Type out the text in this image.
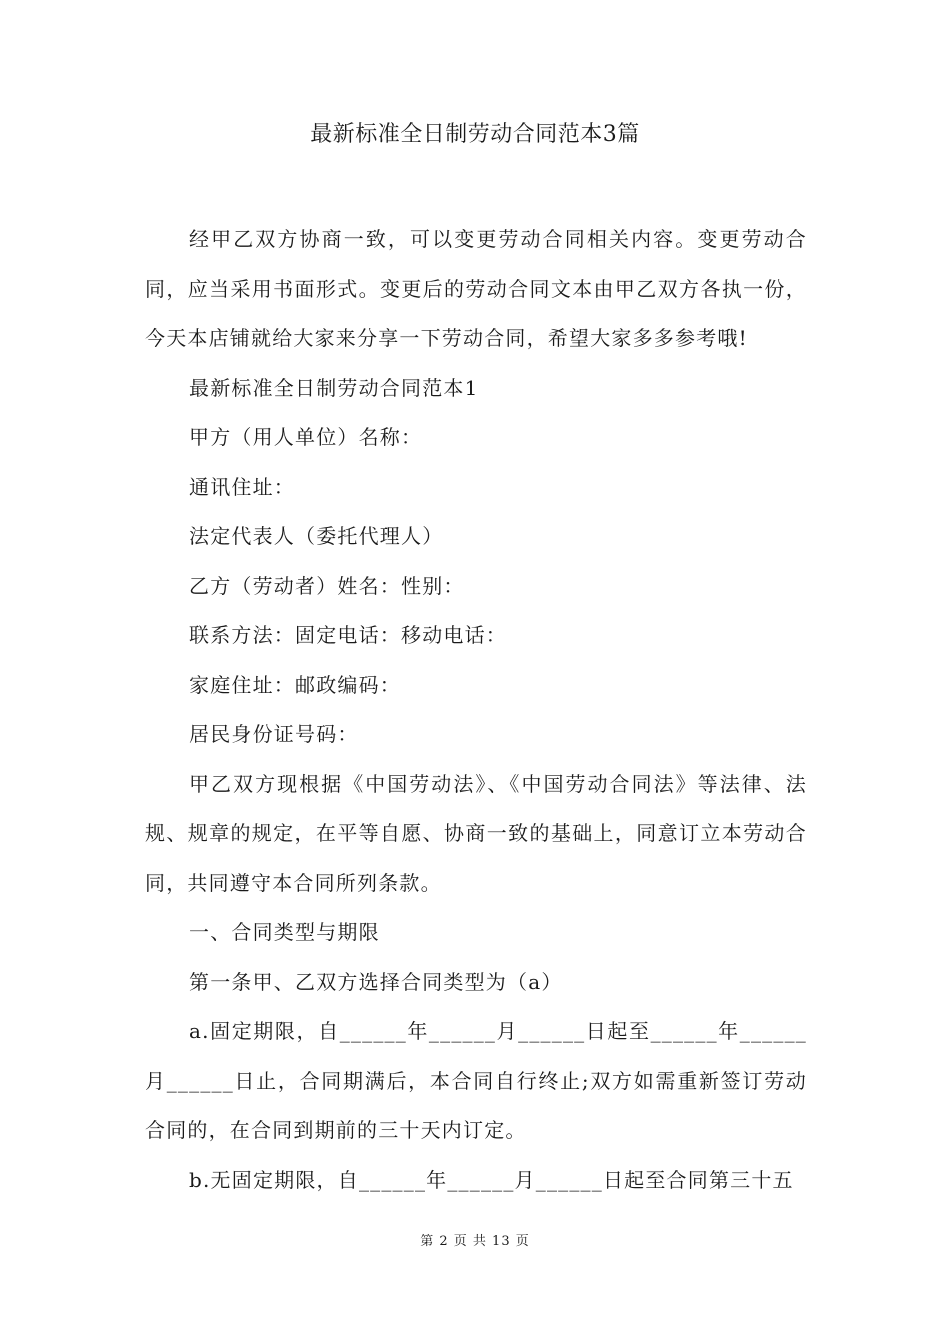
最新标准全日制劳动合同范本3篇

经甲乙双方协商一致，可以变更劳动合同相关内容。变更劳动合同，应当采用书面形式。变更后的劳动合同文本由甲乙双方各执一份，今天本店铺就给大家来分享一下劳动合同，希望大家多多参考哦!

最新标准全日制劳动合同范本1

甲方（用人单位）名称：

通讯住址：

法定代表人（委托代理人）

乙方（劳动者）姓名：性别：

联系方法：固定电话：移动电话：

家庭住址：邮政编码：

居民身份证号码：

甲乙双方现根据《中国劳动法》、《中国劳动合同法》等法律、法规、规章的规定，在平等自愿、协商一致的基础上，同意订立本劳动合同，共同遵守本合同所列条款。

一、合同类型与期限

第一条甲、乙双方选择合同类型为（a）

a.固定期限，自______年______月______日起至______年______月______日止，合同期满后，本合同自行终止;双方如需重新签订劳动合同的，在合同到期前的三十天内订定。

b.无固定期限，自______年______月______日起至合同第三十五

第 2 页 共 13 页
